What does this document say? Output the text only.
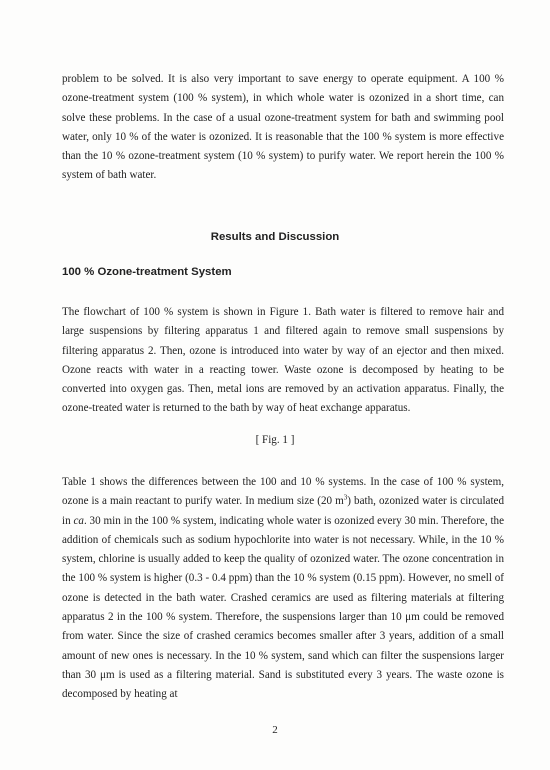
problem to be solved. It is also very important to save energy to operate equipment. A 100 % ozone-treatment system (100 % system), in which whole water is ozonized in a short time, can solve these problems. In the case of a usual ozone-treatment system for bath and swimming pool water, only 10 % of the water is ozonized. It is reasonable that the 100 % system is more effective than the 10 % ozone-treatment system (10 % system) to purify water. We report herein the 100 % system of bath water.

Results and Discussion
100 % Ozone-treatment System

The flowchart of 100 % system is shown in Figure 1. Bath water is filtered to remove hair and large suspensions by filtering apparatus 1 and filtered again to remove small suspensions by filtering apparatus 2. Then, ozone is introduced into water by way of an ejector and then mixed. Ozone reacts with water in a reacting tower. Waste ozone is decomposed by heating to be converted into oxygen gas. Then, metal ions are removed by an activation apparatus. Finally, the ozone-treated water is returned to the bath by way of heat exchange apparatus.

[ Fig. 1 ]

Table 1 shows the differences between the 100 and 10 % systems. In the case of 100 % system, ozone is a main reactant to purify water. In medium size (20 $m^3$) bath, ozonized water is circulated in ca. 30 min in the 100 % system, indicating whole water is ozonized every 30 min. Therefore, the addition of chemicals such as sodium hypochlorite into water is not necessary. While, in the 10 % system, chlorine is usually added to keep the quality of ozonized water. The ozone concentration in the 100 % system is higher (0.3 - 0.4 ppm) than the 10 % system (0.15 ppm). However, no smell of ozone is detected in the bath water. Crashed ceramics are used as filtering materials at filtering apparatus 2 in the 100 % system. Therefore, the suspensions larger than 10 μm could be removed from water. Since the size of crashed ceramics becomes smaller after 3 years, addition of a small amount of new ones is necessary. In the 10 % system, sand which can filter the suspensions larger than 30 μm is used as a filtering material. Sand is substituted every 3 years. The waste ozone is decomposed by heating at

2
